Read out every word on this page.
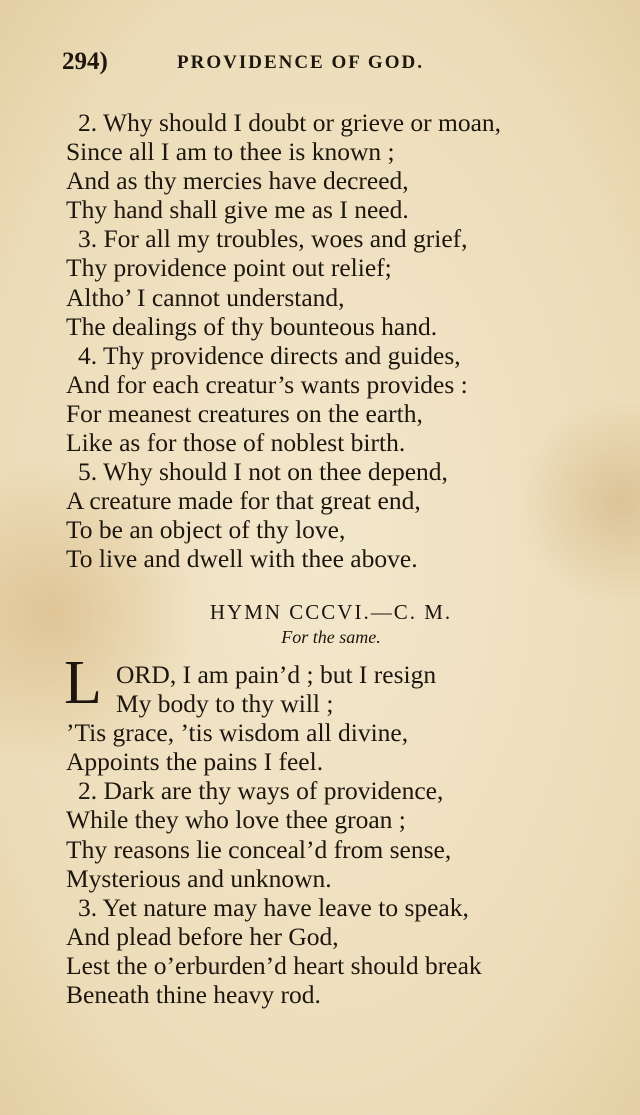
294)	PROVIDENCE OF GOD.
2. Why should I doubt or grieve or moan,
Since all I am to thee is known ;
And as thy mercies have decreed,
Thy hand shall give me as I need.
3. For all my troubles, woes and grief,
Thy providence point out relief;
Altho’ I cannot understand,
The dealings of thy bounteous hand.
4. Thy providence directs and guides,
And for each creatur’s wants provides :
For meanest creatures on the earth,
Like as for those of noblest birth.
5. Why should I not on thee depend,
A creature made for that great end,
To be an object of thy love,
To live and dwell with thee above.
HYMN CCCVI.—C. M.
For the same.
L ORD, I am pain’d ; but I resign
My body to thy will ;
’Tis grace, ’tis wisdom all divine,
Appoints the pains I feel.
2. Dark are thy ways of providence,
While they who love thee groan ;
Thy reasons lie conceal’d from sense,
Mysterious and unknown.
3. Yet nature may have leave to speak,
And plead before her God,
Lest the o’erburden’d heart should break
Beneath thine heavy rod.
